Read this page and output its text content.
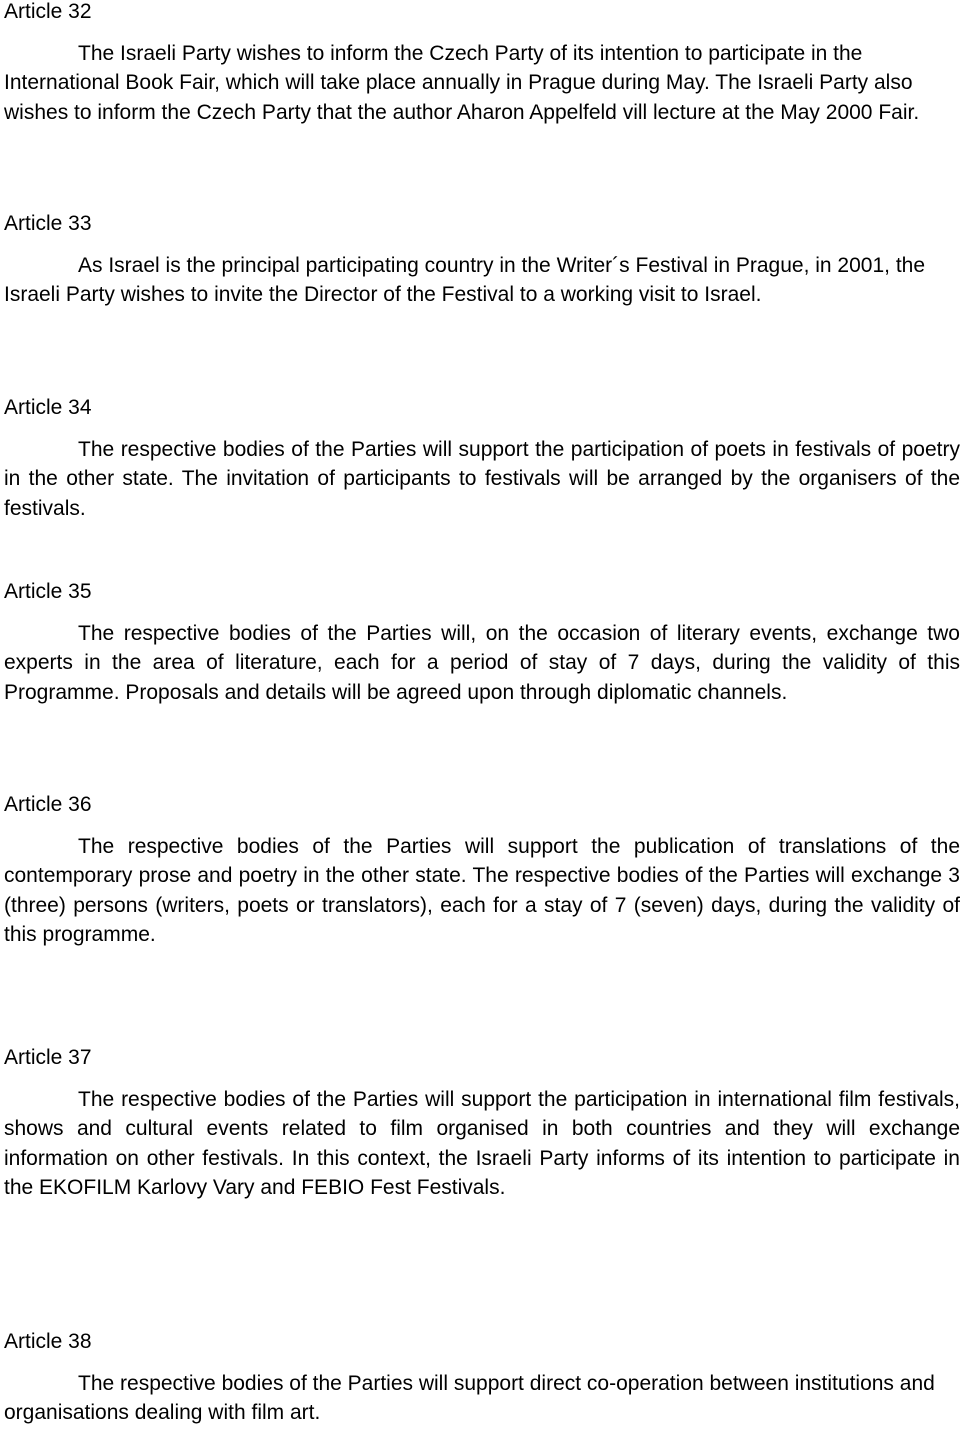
Article 32

The Israeli Party wishes to inform the Czech Party of its intention to participate in the International Book Fair, which will take place annually in Prague during May. The Israeli Party also wishes to inform the Czech Party that the author Aharon Appelfeld vill lecture at the May 2000 Fair.

Article 33

As Israel is the principal participating country in the Writer´s Festival in Prague, in 2001, the Israeli Party wishes to invite the Director of the Festival to a working visit to Israel.

Article 34

The respective bodies of the Parties will support the participation of poets in festivals of poetry in the other state. The invitation of participants to festivals will be arranged by the organisers of the festivals.

Article 35

The respective bodies of the Parties will, on the occasion of literary events, exchange two experts in the area of literature, each for a period of stay of 7 days, during the validity of this Programme. Proposals and details will be agreed upon through diplomatic channels.

Article 36

The respective bodies of the Parties will support the publication of translations of the contemporary prose and poetry in the other state. The respective bodies of the Parties will exchange 3 (three) persons (writers, poets or translators), each for a stay of 7 (seven) days, during the validity of this programme.

Article 37

The respective bodies of the Parties will support the participation in international film festivals, shows and cultural events related to film organised in both countries and they will exchange information on other festivals. In this context, the Israeli Party informs of its intention to participate in the EKOFILM Karlovy Vary and FEBIO Fest Festivals.

Article 38

The respective bodies of the Parties will support direct co-operation between institutions and organisations dealing with film art.
